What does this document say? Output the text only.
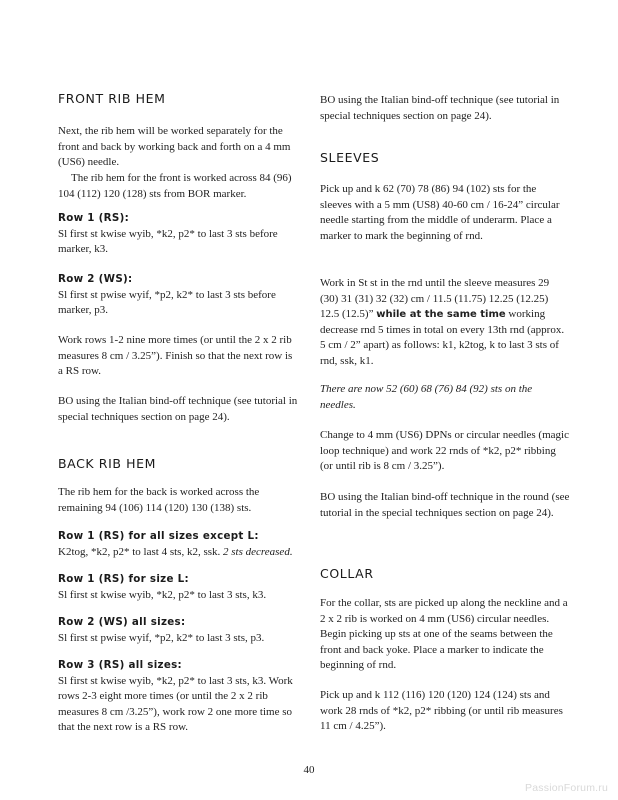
FRONT RIB HEM

Next, the rib hem will be worked separately for the front and back by working back and forth on a 4 mm (US6) needle.

The rib hem for the front is worked across 84 (96) 104 (112) 120 (128) sts from BOR marker.

Row 1 (RS):
Sl first st kwise wyib, *k2, p2* to last 3 sts before marker, k3.
Row 2 (WS):
Sl first st pwise wyif, *p2, k2* to last 3 sts before marker, p3.

Work rows 1-2 nine more times (or until the 2 x 2 rib measures 8 cm / 3.25”). Finish so that the next row is a RS row.

BO using the Italian bind-off technique (see tutorial in special techniques section on page 24).

BACK RIB HEM

The rib hem for the back is worked across the remaining 94 (106) 114 (120) 130 (138) sts.

Row 1 (RS) for all sizes except L:
K2tog, *k2, p2* to last 4 sts, k2, ssk. 2 sts decreased.
Row 1 (RS) for size L:
Sl first st kwise wyib, *k2, p2* to last 3 sts, k3.
Row 2 (WS) all sizes:
Sl first st pwise wyif, *p2, k2* to last 3 sts, p3.
Row 3 (RS) all sizes:
Sl first st kwise wyib, *k2, p2* to last 3 sts, k3. Work rows 2-3 eight more times (or until the 2 x 2 rib measures 8 cm /3.25”), work row 2 one more time so that the next row is a RS row.

BO using the Italian bind-off technique (see tutorial in special techniques section on page 24).

SLEEVES

Pick up and k 62 (70) 78 (86) 94 (102) sts for the sleeves with a 5 mm (US8) 40-60 cm / 16-24” circular needle starting from the middle of underarm. Place a marker to mark the beginning of rnd.

Work in St st in the rnd until the sleeve measures 29 (30) 31 (31) 32 (32) cm / 11.5 (11.75) 12.25 (12.25) 12.5 (12.5)” while at the same time working decrease rnd 5 times in total on every 13th rnd (approx. 5 cm / 2” apart) as follows: k1, k2tog, k to last 3 sts of rnd, ssk, k1.

There are now 52 (60) 68 (76) 84 (92) sts on the needles.

Change to 4 mm (US6) DPNs or circular needles (magic loop technique) and work 22 rnds of *k2, p2* ribbing (or until rib is 8 cm / 3.25”).

BO using the Italian bind-off technique in the round (see tutorial in the special techniques section on page 24).

COLLAR

For the collar, sts are picked up along the neckline and a 2 x 2 rib is worked on 4 mm (US6) circular needles. Begin picking up sts at one of the seams between the front and back yoke. Place a marker to indicate the beginning of rnd.

Pick up and k 112 (116) 120 (120) 124 (124) sts and work 28 rnds of *k2, p2* ribbing (or until rib measures 11 cm / 4.25”).

40
PassionForum.ru
